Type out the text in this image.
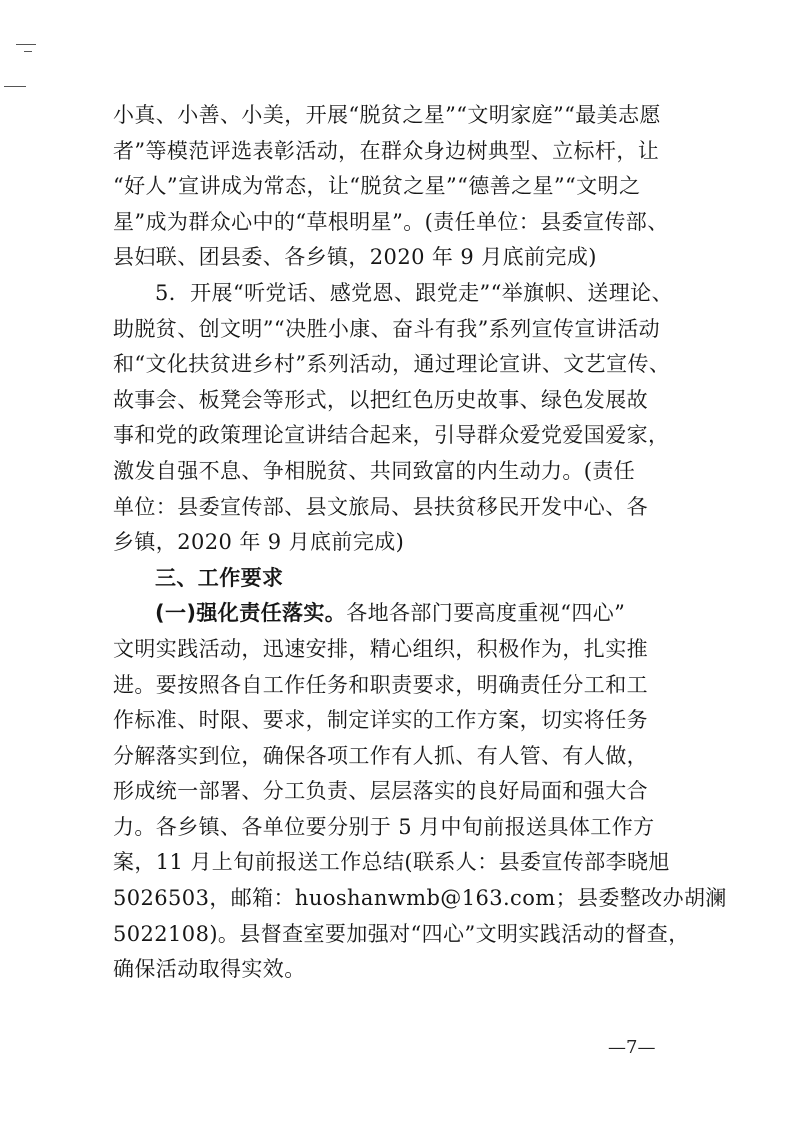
小真、小善、小美，开展“脱贫之星”“文明家庭”“最美志愿
者”等模范评选表彰活动，在群众身边树典型、立标杆，让
“好人”宣讲成为常态，让“脱贫之星”“德善之星”“文明之
星”成为群众心中的“草根明星”。(责任单位：县委宣传部、
县妇联、团县委、各乡镇，2020 年 9 月底前完成)

5．开展“听党话、感党恩、跟党走”“举旗帜、送理论、
助脱贫、创文明”“决胜小康、奋斗有我”系列宣传宣讲活动
和“文化扶贫进乡村”系列活动，通过理论宣讲、文艺宣传、
故事会、板凳会等形式，以把红色历史故事、绿色发展故
事和党的政策理论宣讲结合起来，引导群众爱党爱国爱家，
激发自强不息、争相脱贫、共同致富的内生动力。(责任
单位：县委宣传部、县文旅局、县扶贫移民开发中心、各
乡镇，2020 年 9 月底前完成)

三、工作要求

(一)强化责任落实。各地各部门要高度重视“四心”
文明实践活动，迅速安排，精心组织，积极作为，扎实推
进。要按照各自工作任务和职责要求，明确责任分工和工
作标准、时限、要求，制定详实的工作方案，切实将任务
分解落实到位，确保各项工作有人抓、有人管、有人做，
形成统一部署、分工负责、层层落实的良好局面和强大合
力。各乡镇、各单位要分别于 5 月中旬前报送具体工作方
案，11 月上旬前报送工作总结(联系人：县委宣传部李晓旭
5026503，邮箱：huoshanwmb@163.com；县委整改办胡澜
5022108)。县督查室要加强对“四心”文明实践活动的督查，
确保活动取得实效。

—7—
